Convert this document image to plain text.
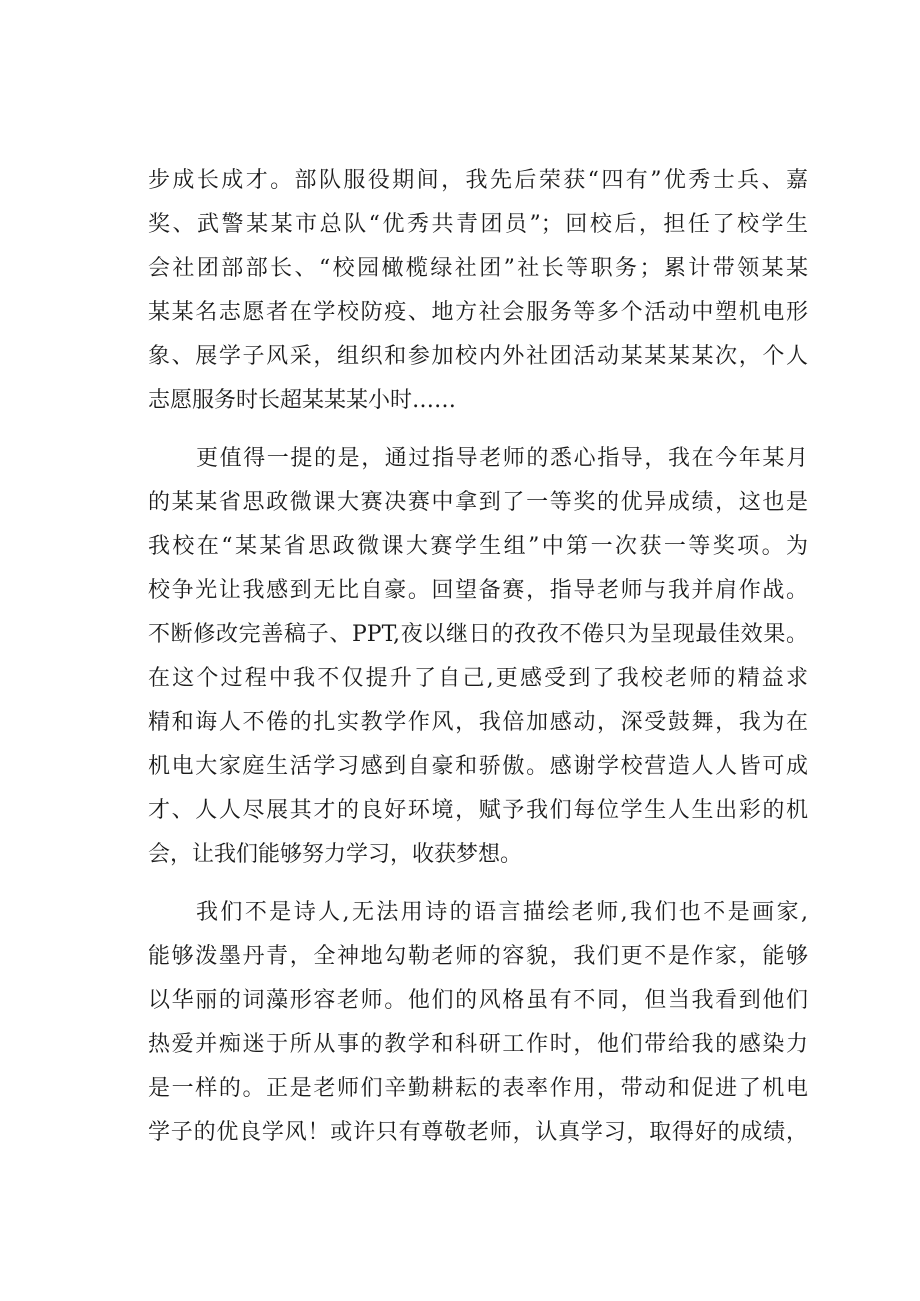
步成长成才。部队服役期间，我先后荣获“四有”优秀士兵、嘉

奖、武警某某市总队“优秀共青团员”；回校后，担任了校学生

会社团部部长、“校园橄榄绿社团”社长等职务；累计带领某某

某某名志愿者在学校防疫、地方社会服务等多个活动中塑机电形

象、展学子风采，组织和参加校内外社团活动某某某某次，个人

志愿服务时长超某某某小时……

更值得一提的是，通过指导老师的悉心指导，我在今年某月

的某某省思政微课大赛决赛中拿到了一等奖的优异成绩，这也是

我校在“某某省思政微课大赛学生组”中第一次获一等奖项。为

校争光让我感到无比自豪。回望备赛，指导老师与我并肩作战。

不断修改完善稿子、PPT,夜以继日的孜孜不倦只为呈现最佳效果。

在这个过程中我不仅提升了自己,更感受到了我校老师的精益求

精和诲人不倦的扎实教学作风，我倍加感动，深受鼓舞，我为在

机电大家庭生活学习感到自豪和骄傲。感谢学校营造人人皆可成

才、人人尽展其才的良好环境，赋予我们每位学生人生出彩的机

会，让我们能够努力学习，收获梦想。

我们不是诗人,无法用诗的语言描绘老师,我们也不是画家,

能够泼墨丹青，全神地勾勒老师的容貌，我们更不是作家，能够

以华丽的词藻形容老师。他们的风格虽有不同，但当我看到他们

热爱并痴迷于所从事的教学和科研工作时，他们带给我的感染力

是一样的。正是老师们辛勤耕耘的表率作用，带动和促进了机电

学子的优良学风！或许只有尊敬老师，认真学习，取得好的成绩，
